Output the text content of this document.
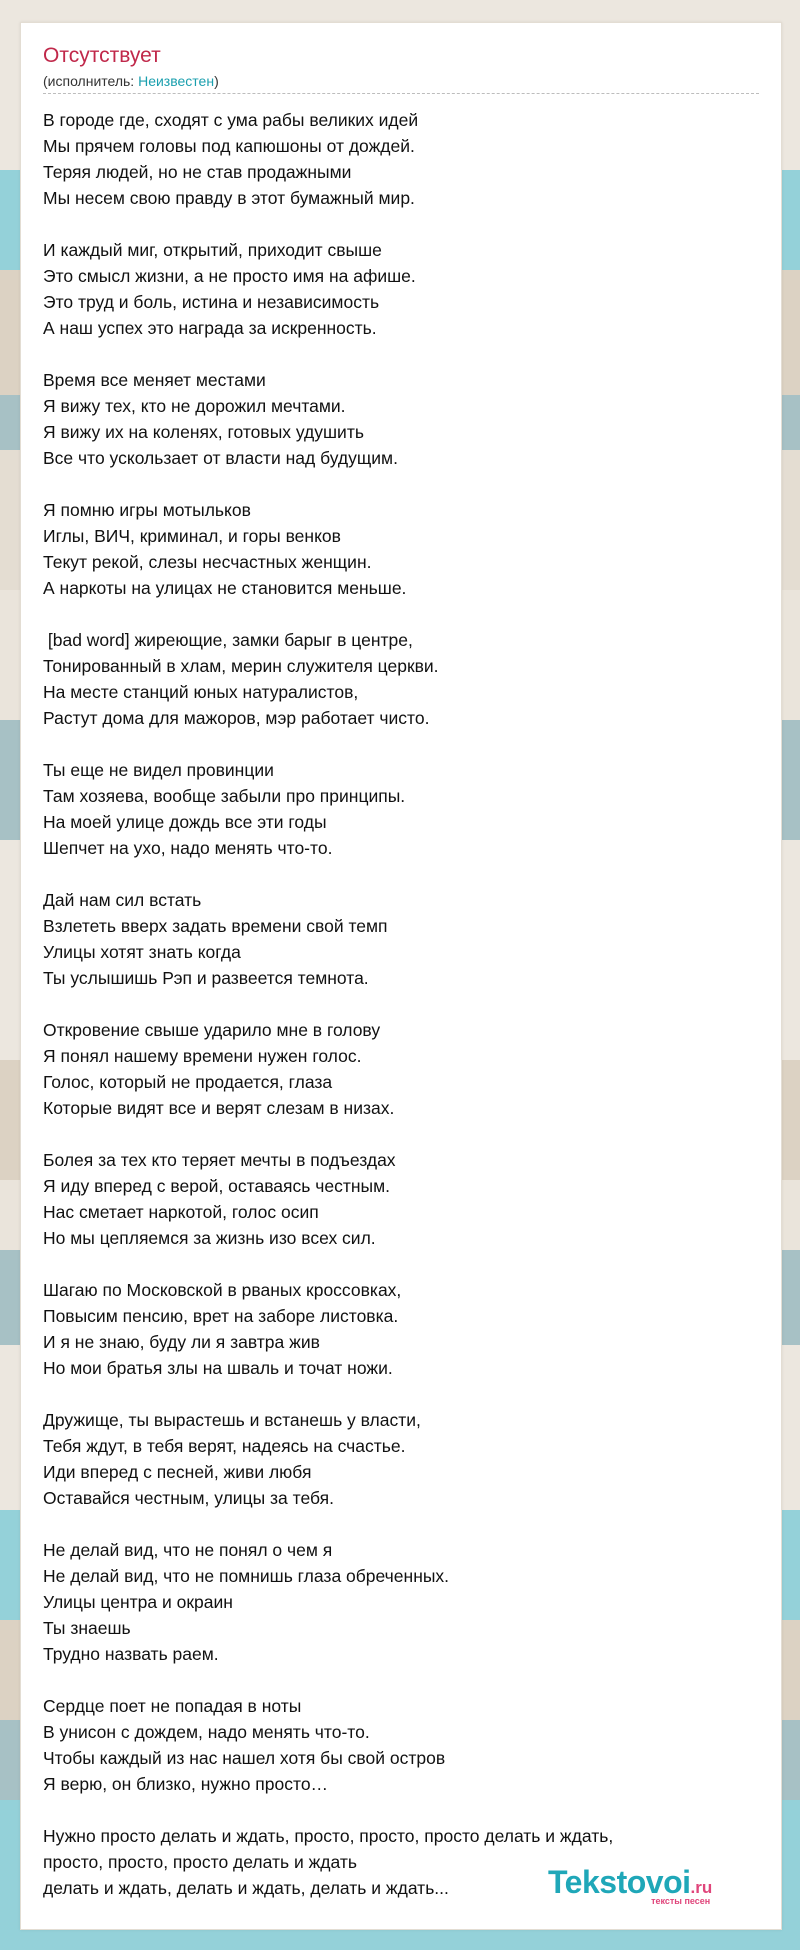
Отсутствует
(исполнитель: Неизвестен)
В городе где, сходят с ума рабы великих идей
Мы прячем головы под капюшоны от дождей.
Теряя людей, но не став продажными
Мы несем свою правду в этот бумажный мир.
И каждый миг, открытий, приходит свыше
Это смысл жизни, а не просто имя на афише.
Это труд и боль, истина и независимость
А наш успех это награда за искренность.
Время все меняет местами
Я вижу тех, кто не дорожил мечтами.
Я вижу их на коленях, готовых удушить
Все что ускользает от власти над будущим.
Я помню игры мотыльков
Иглы, ВИЧ, криминал, и горы венков
Текут рекой, слезы несчастных женщин.
А наркоты на улицах не становится меньше.
[bad word] жиреющие, замки барыг в центре,
Тонированный в хлам, мерин служителя церкви.
На месте станций юных натуралистов,
Растут дома для мажоров, мэр работает чисто.
Ты еще не видел провинции
Там хозяева, вообще забыли про принципы.
На моей улице дождь все эти годы
Шепчет на ухо, надо менять что-то.
Дай нам сил встать
Взлететь вверх задать времени свой темп
Улицы хотят знать когда
Ты услышишь Рэп и развеется темнота.
Откровение свыше ударило мне в голову
Я понял нашему времени нужен голос.
Голос, который не продается, глаза
Которые видят все и верят слезам в низах.
Болея за тех кто теряет мечты в подъездах
Я иду вперед с верой, оставаясь честным.
Нас сметает наркотой, голос осип
Но мы цепляемся за жизнь изо всех сил.
Шагаю по Московской в рваных кроссовках,
Повысим пенсию, врет на заборе листовка.
И я не знаю, буду ли я завтра жив
Но мои братья злы на шваль и точат ножи.
Дружище, ты вырастешь и встанешь у власти,
Тебя ждут, в тебя верят, надеясь на счастье.
Иди вперед с песней, живи любя
Оставайся честным, улицы за тебя.
Не делай вид, что не понял о чем я
Не делай вид, что не помнишь глаза обреченных.
Улицы центра и окраин
Ты знаешь
Трудно назвать раем.
Сердце поет не попадая в ноты
В унисон с дождем, надо менять что-то.
Чтобы каждый из нас нашел хотя бы свой остров
Я верю, он близко, нужно просто…
Нужно просто делать и ждать, просто, просто, просто делать и ждать,
просто, просто, просто делать и ждать
делать и ждать, делать и ждать, делать и ждать...	Tekstovoi .ru
тексты песен
